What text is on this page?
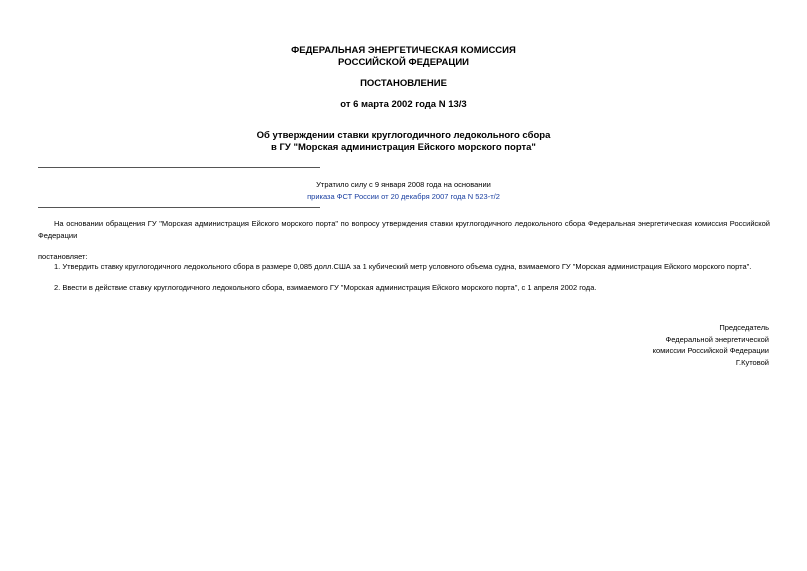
ФЕДЕРАЛЬНАЯ ЭНЕРГЕТИЧЕСКАЯ КОМИССИЯ
РОССИЙСКОЙ ФЕДЕРАЦИИ
ПОСТАНОВЛЕНИЕ
от 6 марта 2002 года N 13/3
Об утверждении ставки круглогодичного ледокольного сбора
в ГУ "Морская администрация Ейского морского порта"
Утратило силу с 9 января 2008 года на основании
приказа ФСТ России от 20 декабря 2007 года N 523-т/2
На основании обращения ГУ "Морская администрация Ейского морского порта" по вопросу утверждения ставки круглогодичного ледокольного сбора Федеральная энергетическая комиссия Российской Федерации
постановляет:
1. Утвердить ставку круглогодичного ледокольного сбора в размере 0,085 долл.США за 1 кубический метр условного объема судна, взимаемого ГУ "Морская администрация Ейского морского порта".
2. Ввести в действие ставку круглогодичного ледокольного сбора, взимаемого ГУ "Морская администрация Ейского морского порта", с 1 апреля 2002 года.
Председатель
Федеральной энергетической
комиссии Российской Федерации
Г.Кутовой
